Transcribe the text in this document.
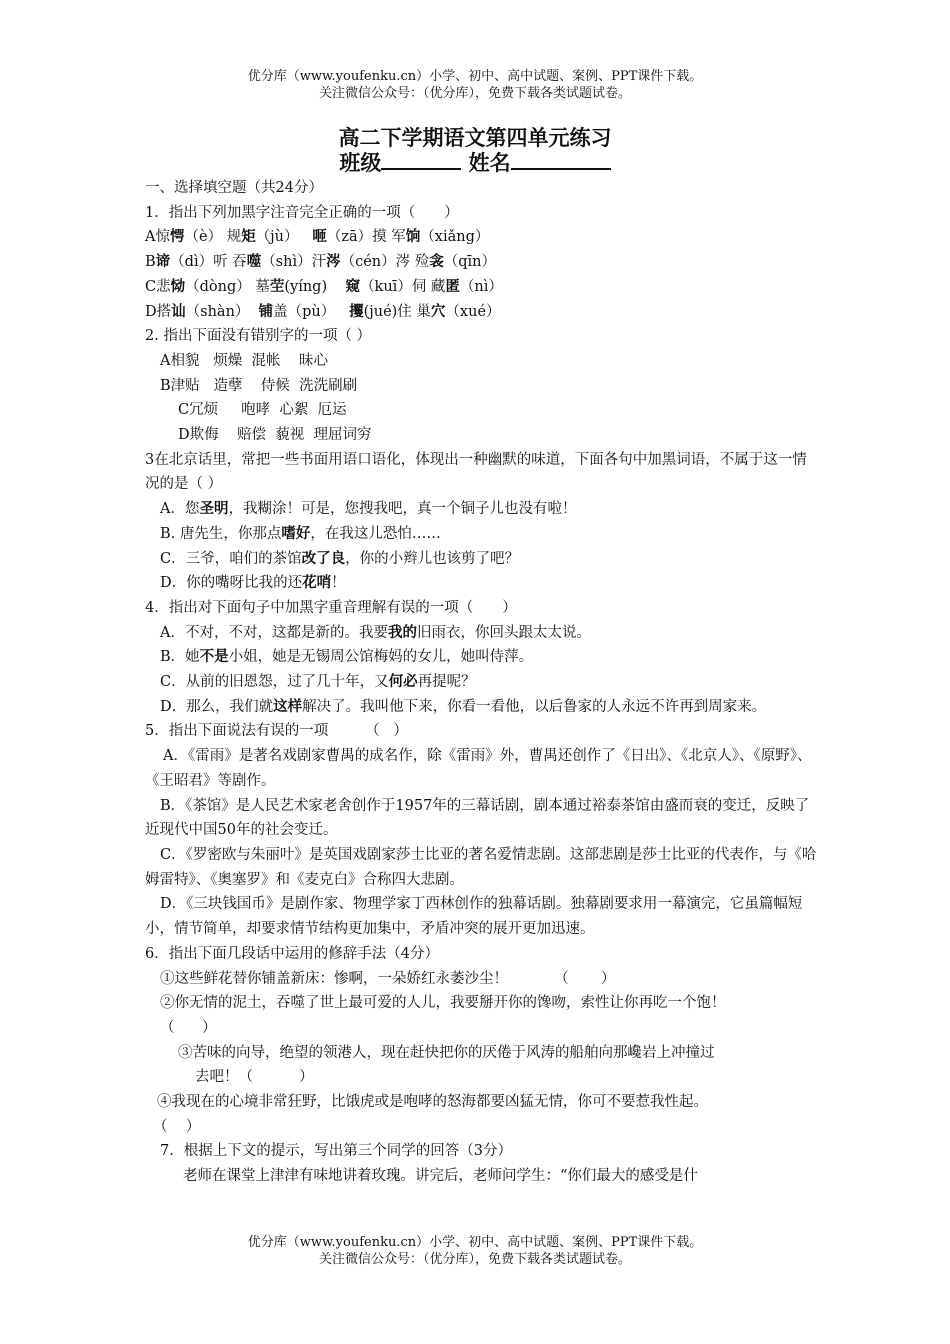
优分库（www.youfenku.cn）小学、初中、高中试题、案例、PPT课件下载。
关注微信公众号：（优分库），免费下载各类试题试卷。
高二下学期语文第四单元练习
班级	姓名

一、选择填空题（共24分）

1．指出下列加黑字注音完全正确的一项（　　）

A惊愕（è） 规矩（jù）   咂（zā）摸 军饷（xiǎng）

B谛（dì）听 吞噬（shì）汗涔（cén）涔 殓衾（qīn）

C悲恸（dòng） 墓茔(yíng)    窥（kuī）伺 藏匿（nì）

D搭讪（shàn）  铺盖（pù）   攫(jué)住 巢穴（xué）

2. 指出下面没有错别字的一项（ ）

A相貌   烦燥  混帐    昧心

B津贴   造孽    侍候  洗洗刷刷

C冗烦     咆哮  心絮  厄运

D欺侮    赔偿  藐视  理屈词穷

3在北京话里，常把一些书面用语口语化，体现出一种幽默的味道，下面各句中加黑词语，不属于这一情况的是（ ）

A．您圣明，我糊涂！可是，您搜我吧，真一个铜子儿也没有啦！

B. 唐先生，你那点嗜好，在我这儿恐怕……

C．三爷，咱们的茶馆改了良，你的小辫儿也该剪了吧？

D．你的嘴呀比我的还花哨！

4．指出对下面句子中加黑字重音理解有误的一项（　　）

A．不对，不对，这都是新的。我要我的旧雨衣，你回头跟太太说。

B．她不是小姐，她是无锡周公馆梅妈的女儿，她叫侍萍。

C．从前的旧恩怨，过了几十年，又何必再提呢？

D．那么，我们就这样解决了。我叫他下来，你看一看他，以后鲁家的人永远不许再到周家来。

5．指出下面说法有误的一项        （   ）

A．《雷雨》是著名戏剧家曹禺的成名作，除《雷雨》外，曹禺还创作了《日出》、《北京人》、《原野》、《王昭君》等剧作。

B．《茶馆》是人民艺术家老舍创作于1957年的三幕话剧，剧本通过裕泰茶馆由盛而衰的变迁，反映了近现代中国50年的社会变迁。

C．《罗密欧与朱丽叶》是英国戏剧家莎士比亚的著名爱情悲剧。这部悲剧是莎士比亚的代表作，与《哈姆雷特》、《奥塞罗》和《麦克白》合称四大悲剧。

D．《三块钱国币》是剧作家、物理学家丁西林创作的独幕话剧。独幕剧要求用一幕演完，它虽篇幅短小，情节简单，却要求情节结构更加集中，矛盾冲突的展开更加迅速。

6．指出下面几段话中运用的修辞手法（4分）

①这些鲜花替你铺盖新床：惨啊，一朵娇红永萎沙尘！          （       ）

②你无情的泥土，吞噬了世上最可爱的人儿，我要掰开你的馋吻，索性让你再吃一个饱！

（      ）

③苦味的向导，绝望的领港人，现在赶快把你的厌倦于风涛的船舶向那巉岩上冲撞过

去吧！（          ）

④我现在的心境非常狂野，比饿虎或是咆哮的怒海都要凶猛无情，你可不要惹我性起。

（    ）

7．根据上下文的提示，写出第三个同学的回答（3分）

老师在课堂上津津有味地讲着玫瑰。讲完后，老师问学生：“你们最大的感受是什

优分库（www.youfenku.cn）小学、初中、高中试题、案例、PPT课件下载。
关注微信公众号：（优分库），免费下载各类试题试卷。
